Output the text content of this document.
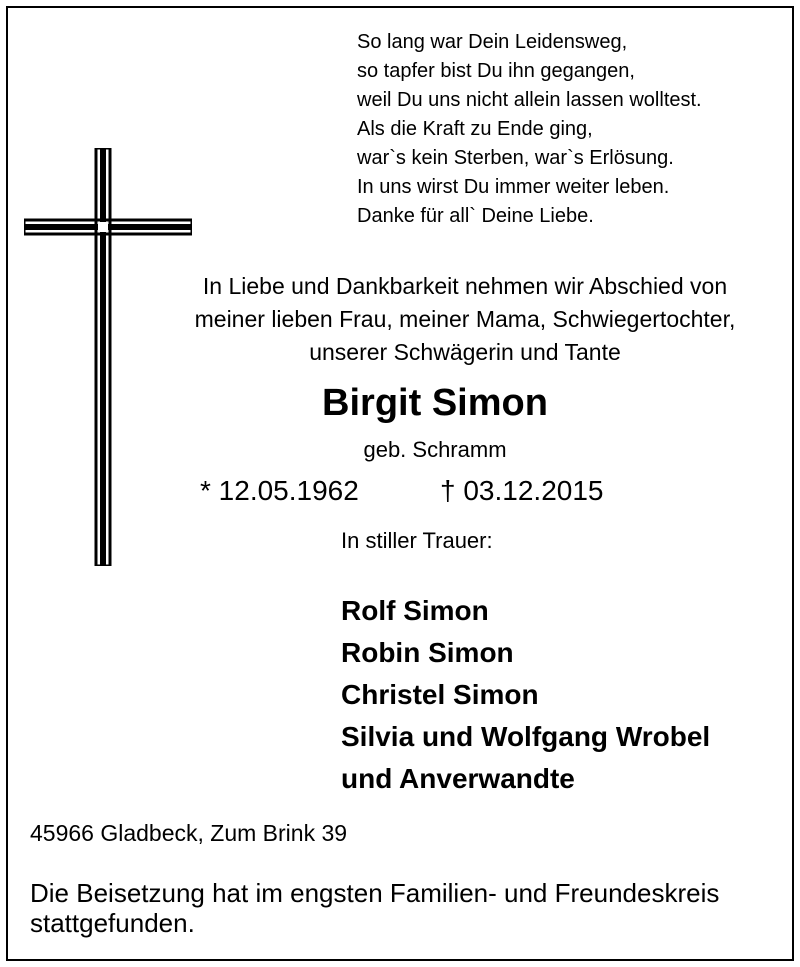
So lang war Dein Leidensweg,
so tapfer bist Du ihn gegangen,
weil Du uns nicht allein lassen wolltest.
Als die Kraft zu Ende ging,
war`s kein Sterben, war`s Erlösung.
In uns wirst Du immer weiter leben.
Danke für all` Deine Liebe.
In Liebe und Dankbarkeit nehmen wir Abschied von
meiner lieben Frau, meiner Mama, Schwiegertochter,
unserer Schwägerin und Tante
Birgit Simon
geb. Schramm
* 12.05.1962	† 03.12.2015
In stiller Trauer:
Rolf Simon
Robin Simon
Christel Simon
Silvia und Wolfgang Wrobel
und Anverwandte
45966 Gladbeck, Zum Brink 39
Die Beisetzung hat im engsten Familien- und Freundeskreis stattgefunden.
